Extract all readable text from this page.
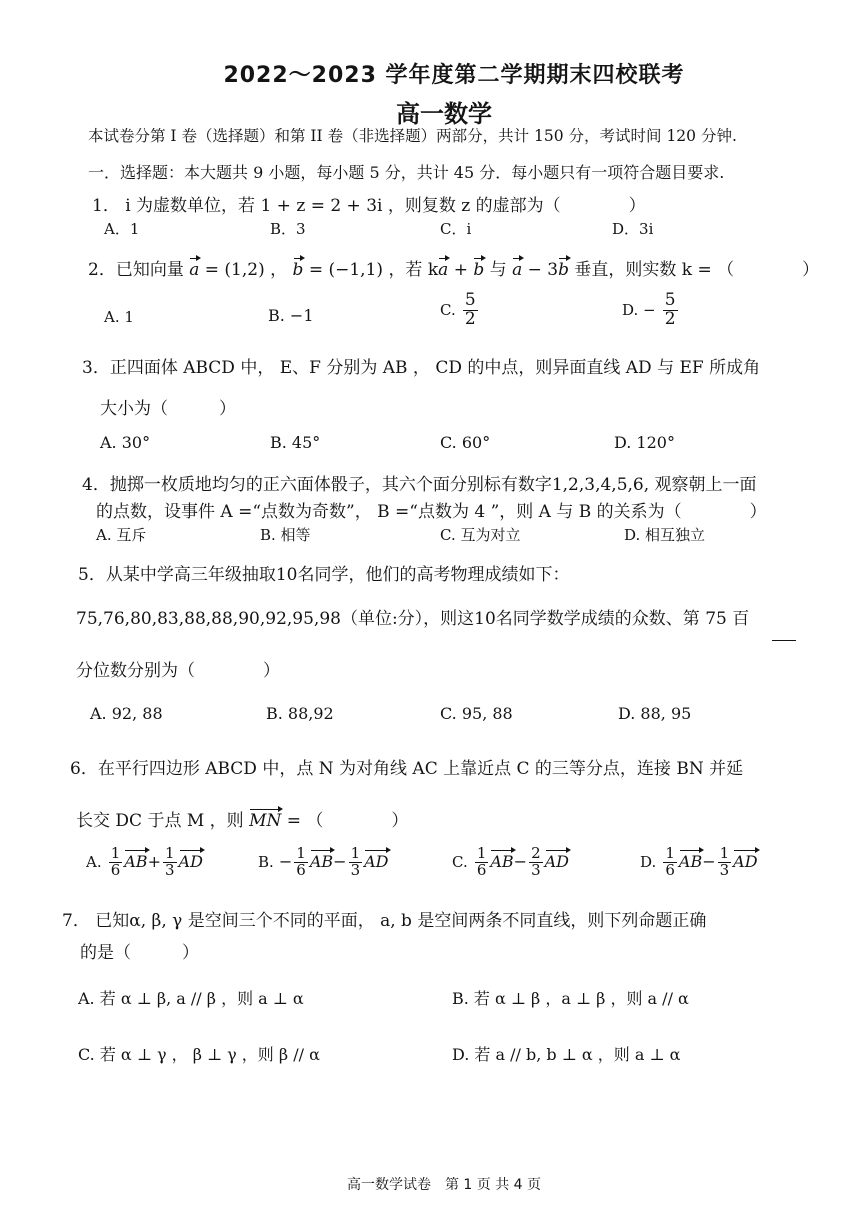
2022～2023 学年度第二学期期末四校联考
高一数学
本试卷分第 I 卷（选择题）和第 II 卷（非选择题）两部分，共计 150 分，考试时间 120 分钟.
一．选择题：本大题共 9 小题，每小题 5 分，共计 45 分．每小题只有一项符合题目要求.
1． i 为虚数单位，若 1 + z = 2 + 3i ，则复数 z 的虚部为（　　　　）
A．1	B．3	C．i	D．3i
2．已知向量 a = (1,2) ， b = (−1,1) ，若 ka + b 与 a − 3b 垂直，则实数 k = （　　　　）
A. 1	B. −1	C. $\frac{5}{2}$	D. − $\frac{5}{2}$
3．正四面体 ABCD 中， E、F 分别为 AB ， CD 的中点，则异面直线 AD 与 EF 所成角
大小为（　　　）
A. 30°	B. 45°	C. 60°	D. 120°
4．抛掷一枚质地均匀的正六面体骰子，其六个面分别标有数字1,2,3,4,5,6, 观察朝上一面
的点数，设事件 A =“点数为奇数”， B =“点数为 4 ”，则 A 与 B 的关系为（　　　　）
A. 互斥	B. 相等	C. 互为对立	D. 相互独立
5．从某中学高三年级抽取10名同学，他们的高考物理成绩如下：
75,76,80,83,88,88,90,92,95,98（单位:分），则这10名同学数学成绩的众数、第 75 百
分位数分别为（　　　　）
A. 92, 88	B. 88,92	C. 95, 88	D. 88, 95
6．在平行四边形 ABCD 中，点 N 为对角线 AC 上靠近点 C 的三等分点，连接 BN 并延
长交 DC 于点 M ，则 MN = （　　　　）
A. $\frac{1}{6} AB+ \frac{1}{3}$ AD	B. − $\frac{1}{6} AB- \frac{1}{3}$ AD	C. $\frac{1}{6} AB- \frac{2}{3}$ AD	D. $\frac{1}{6} AB- \frac{1}{3}$ AD
7． 已知α, β, γ 是空间三个不同的平面， a, b 是空间两条不同直线，则下列命题正确
的是（　　　）
A. 若 α ⊥ β, a // β ，则 a ⊥ α	B. 若 α ⊥ β ，a ⊥ β ，则 a // α
C. 若 α ⊥ γ ， β ⊥ γ ，则 β // α	D. 若 a // b, b ⊥ α ，则 a ⊥ α
高一数学试卷　第 1 页 共 4 页
